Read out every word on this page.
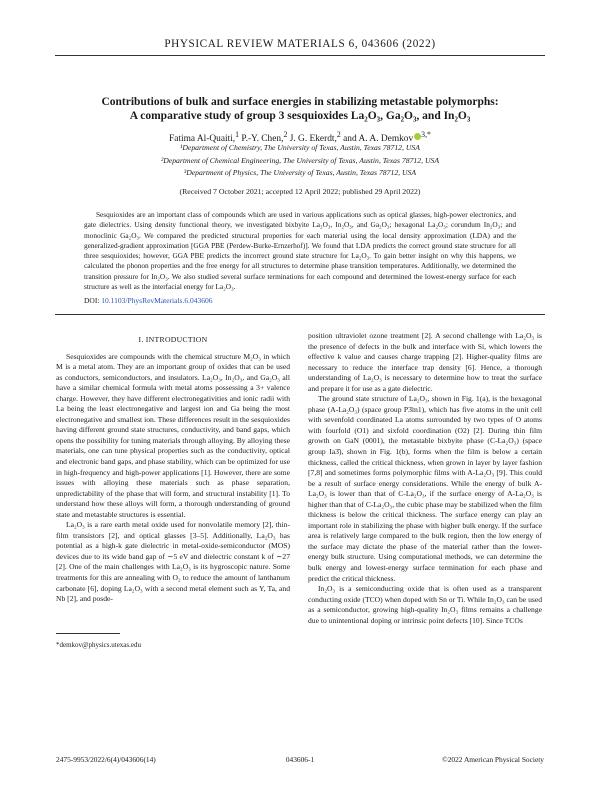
PHYSICAL REVIEW MATERIALS 6, 043606 (2022)
Contributions of bulk and surface energies in stabilizing metastable polymorphs:
A comparative study of group 3 sesquioxides La₂O₃, Ga₂O₃, and In₂O₃
Fatima Al-Quaiti,$^1$ P.-Y. Chen,$^2$ J. G. Ekerdt,$^2$ and A. A. Demkov $^{3,*}$
¹Department of Chemistry, The University of Texas, Austin, Texas 78712, USA
²Department of Chemical Engineering, The University of Texas, Austin, Texas 78712, USA
³Department of Physics, The University of Texas, Austin, Texas 78712, USA
(Received 7 October 2021; accepted 12 April 2022; published 29 April 2022)

Sesquioxides are an important class of compounds which are used in various applications such as optical glasses, high-power electronics, and gate dielectrics. Using density functional theory, we investigated bixbyite La₂O₃, In₂O₃, and Ga₂O₃; hexagonal La₂O₃; corundum In₂O₃; and monoclinic Ga₂O₃. We compared the predicted structural properties for each material using the local density approximation (LDA) and the generalized-gradient approximation [GGA PBE (Perdew-Burke-Ernzerhof)]. We found that LDA predicts the correct ground state structure for all three sesquioxides; however, GGA PBE predicts the incorrect ground state structure for La₂O₃. To gain better insight on why this happens, we calculated the phonon properties and the free energy for all structures to determine phase transition temperatures. Additionally, we determined the transition pressure for In₂O₃. We also studied several surface terminations for each compound and determined the lowest-energy surface for each structure as well as the interfacial energy for La₂O₃.

DOI: 10.1103/PhysRevMaterials.6.043606
I. INTRODUCTION

Sesquioxides are compounds with the chemical structure M₂O₃ in which M is a metal atom. They are an important group of oxides that can be used as conductors, semiconductors, and insulators. La₂O₃, In₂O₃, and Ga₂O₃ all have a similar chemical formula with metal atoms possessing a 3+ valence charge. However, they have different electronegativities and ionic radii with La being the least electronegative and largest ion and Ga being the most electronegative and smallest ion. These differences result in the sesquioxides having different ground state structures, conductivity, and band gaps, which opens the possibility for tuning materials through alloying. By alloying these materials, one can tune physical properties such as the conductivity, optical and electronic band gaps, and phase stability, which can be optimized for use in high-frequency and high-power applications [1]. However, there are some issues with alloying these materials such as phase separation, unpredictability of the phase that will form, and structural instability [1]. To understand how these alloys will form, a thorough understanding of ground state and metastable structures is essential.

La₂O₃ is a rare earth metal oxide used for nonvolatile memory [2], thin-film transistors [2], and optical glasses [3–5]. Additionally, La₂O₃ has potential as a high-k gate dielectric in metal-oxide-semiconductor (MOS) devices due to its wide band gap of ∼5 eV and dielectric constant k of ∼27 [2]. One of the main challenges with La₂O₃ is its hygroscopic nature. Some treatments for this are annealing with O₂ to reduce the amount of lanthanum carbonate [6], doping La₂O₃ with a second metal element such as Y, Ta, and Nb [2], and posde-

position ultraviolet ozone treatment [2]. A second challenge with La₂O₃ is the presence of defects in the bulk and interface with Si, which lowers the effective k value and causes charge trapping [2]. Higher-quality films are necessary to reduce the interface trap density [6]. Hence, a thorough understanding of La₂O₃ is necessary to determine how to treat the surface and prepare it for use as a gate dielectric.

The ground state structure of La₂O₃, shown in Fig. 1(a), is the hexagonal phase (A-La₂O₃) (space group P3̄m1), which has five atoms in the unit cell with sevenfold coordinated La atoms surrounded by two types of O atoms with fourfold (O1) and sixfold coordination (O2) [2]. During thin film growth on GaN (0001), the metastable bixbyite phase (C-La₂O₃) (space group Ia3̄), shown in Fig. 1(b), forms when the film is below a certain thickness, called the critical thickness, when grown in layer by layer fashion [7,8] and sometimes forms polymorphic films with A-La₂O₃ [9]. This could be a result of surface energy considerations. While the energy of bulk A-La₂O₃ is lower than that of C-La₂O₃, if the surface energy of A-La₂O₃ is higher than that of C-La₂O₃, the cubic phase may be stabilized when the film thickness is below the critical thickness. The surface energy can play an important role in stabilizing the phase with higher bulk energy. If the surface area is relatively large compared to the bulk region, then the low energy of the surface may dictate the phase of the material rather than the lower-energy bulk structure. Using computational methods, we can determine the bulk energy and lowest-energy surface termination for each phase and predict the critical thickness.

In₂O₃ is a semiconducting oxide that is often used as a transparent conducting oxide (TCO) when doped with Sn or Ti. While In₂O₃ can be used as a semiconductor, growing high-quality In₂O₃ films remains a challenge due to unintentional doping or intrinsic point defects [10]. Since TCOs

*demkov@physics.utexas.edu
2475-9953/2022/6(4)/043606(14)	043606-1	©2022 American Physical Society
